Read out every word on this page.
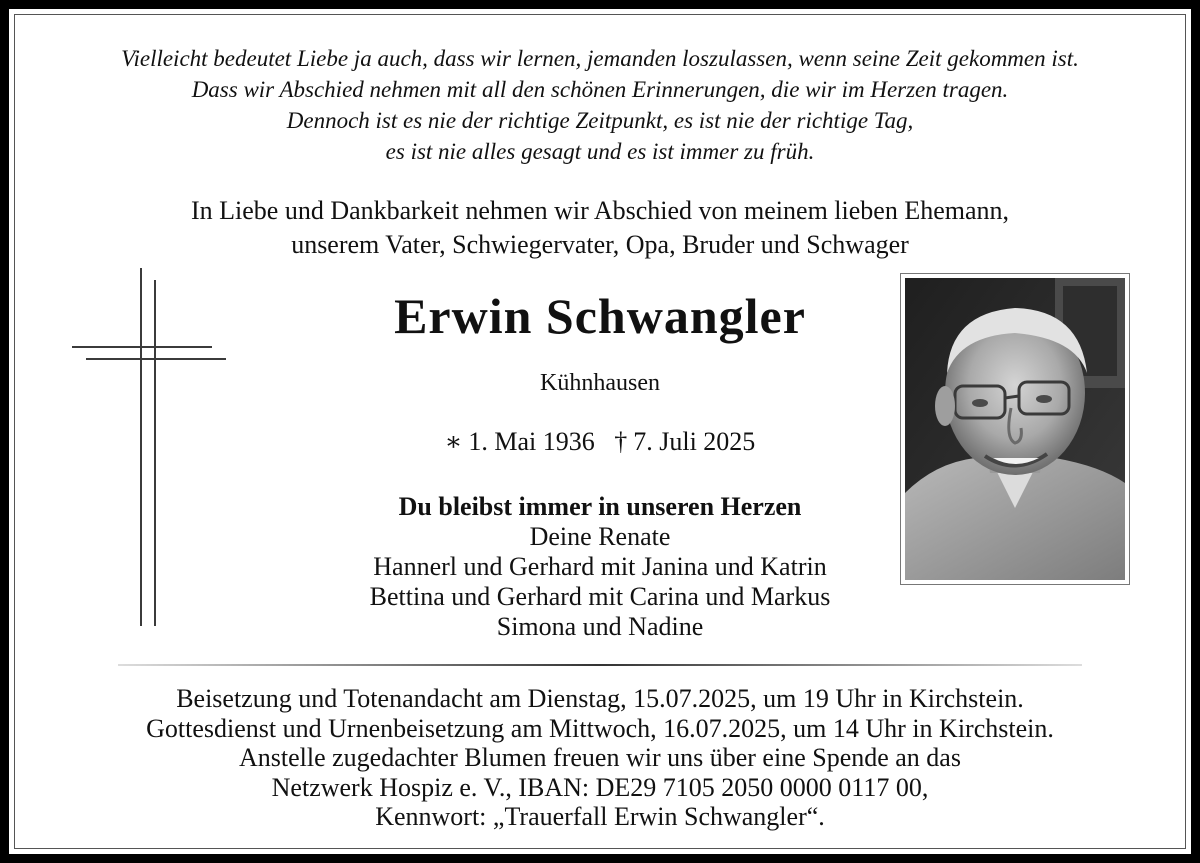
Vielleicht bedeutet Liebe ja auch, dass wir lernen, jemanden loszulassen, wenn seine Zeit gekommen ist.
Dass wir Abschied nehmen mit all den schönen Erinnerungen, die wir im Herzen tragen.
Dennoch ist es nie der richtige Zeitpunkt, es ist nie der richtige Tag,
es ist nie alles gesagt und es ist immer zu früh.
In Liebe und Dankbarkeit nehmen wir Abschied von meinem lieben Ehemann,
unserem Vater, Schwiegervater, Opa, Bruder und Schwager
Erwin Schwangler
Kühnhausen
∗ 1. Mai 1936 † 7. Juli 2025
Du bleibst immer in unseren Herzen
Deine Renate
Hannerl und Gerhard mit Janina und Katrin
Bettina und Gerhard mit Carina und Markus
Simona und Nadine
Beisetzung und Totenandacht am Dienstag, 15.07.2025, um 19 Uhr in Kirchstein.
Gottesdienst und Urnenbeisetzung am Mittwoch, 16.07.2025, um 14 Uhr in Kirchstein.
Anstelle zugedachter Blumen freuen wir uns über eine Spende an das
Netzwerk Hospiz e. V., IBAN: DE29 7105 2050 0000 0117 00,
Kennwort: „Trauerfall Erwin Schwangler“.
